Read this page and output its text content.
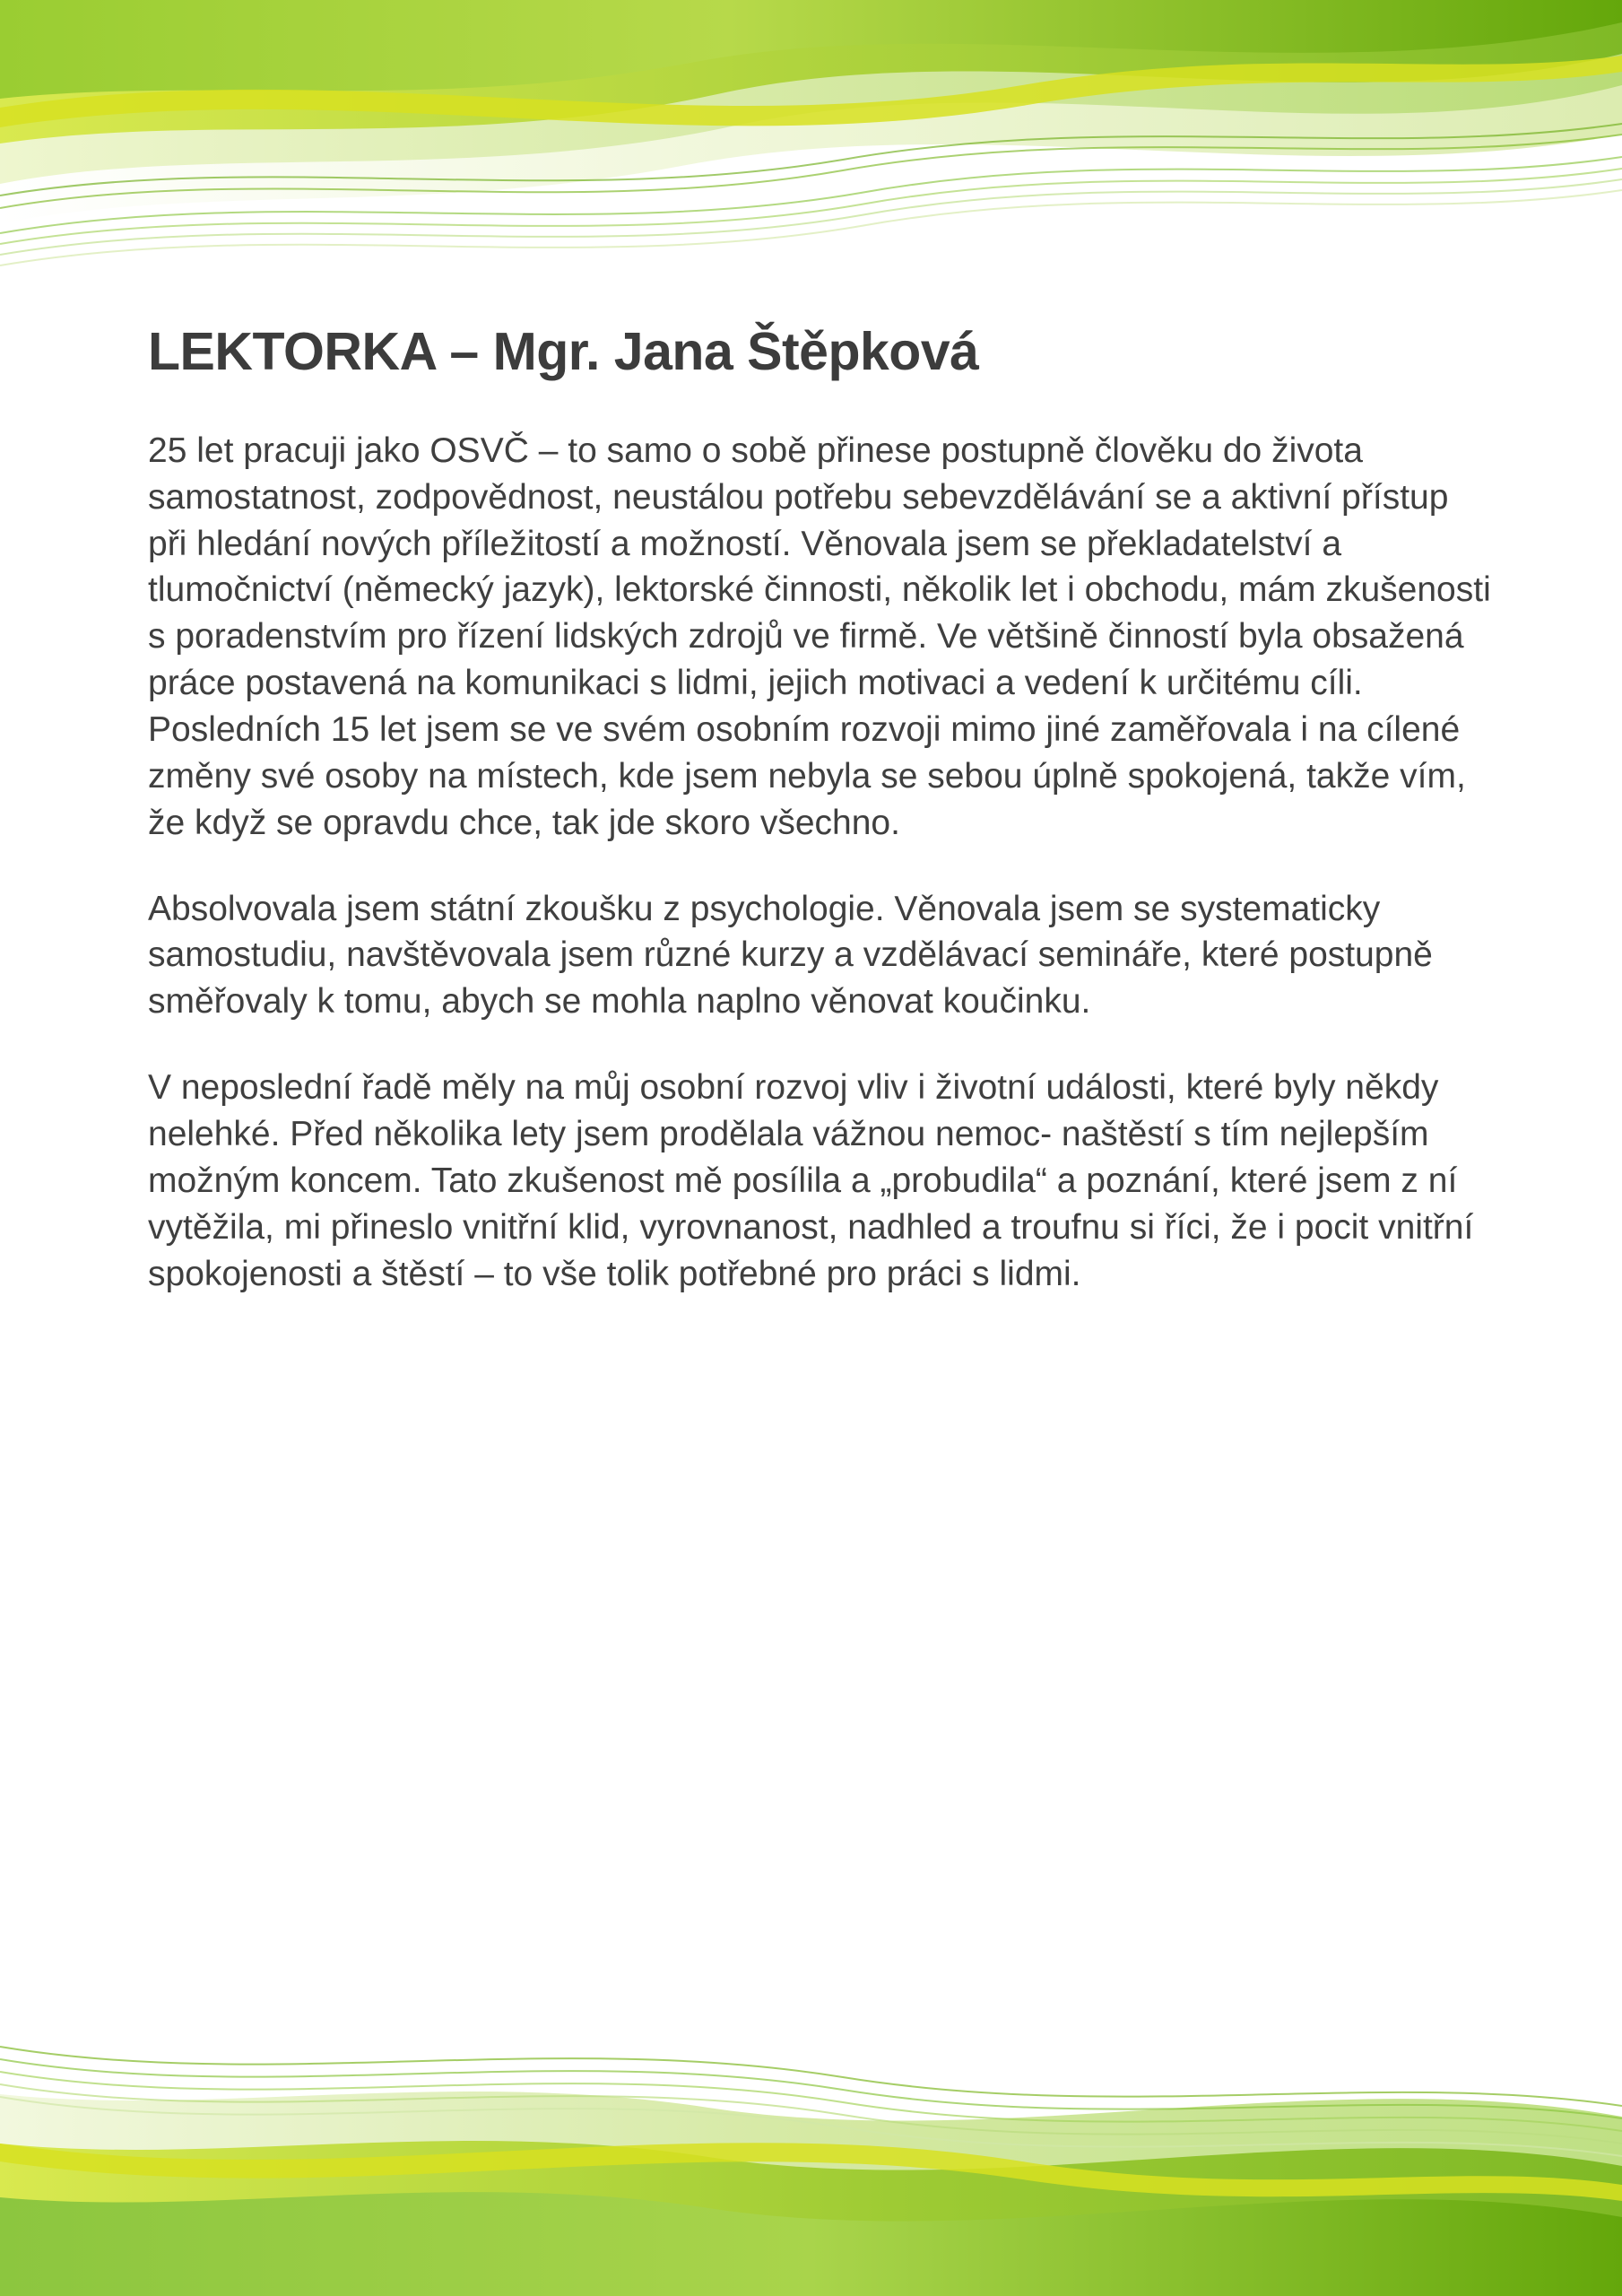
LEKTORKA – Mgr. Jana Štěpková

25 let pracuji jako OSVČ – to samo o sobě přinese postupně člověku do života samostatnost, zodpovědnost, neustálou potřebu sebevzdělávání se a aktivní přístup při hledání nových příležitostí a možností. Věnovala jsem se překladatelství a tlumočnictví (německý jazyk), lektorské činnosti, několik let i obchodu, mám zkušenosti s poradenstvím pro řízení lidských zdrojů ve firmě. Ve většině činností byla obsažená práce postavená na komunikaci s lidmi, jejich motivaci a vedení k určitému cíli. Posledních 15 let jsem se ve svém osobním rozvoji mimo jiné zaměřovala i na cílené změny své osoby na místech, kde jsem nebyla se sebou úplně spokojená, takže vím, že když se opravdu chce, tak jde skoro všechno.

Absolvovala jsem státní zkoušku z psychologie. Věnovala jsem se systematicky samostudiu, navštěvovala jsem různé kurzy a vzdělávací semináře, které postupně směřovaly k tomu, abych se mohla naplno věnovat koučinku.

V neposlední řadě měly na můj osobní rozvoj vliv i životní události, které byly někdy nelehké. Před několika lety jsem prodělala vážnou nemoc- naštěstí s tím nejlepším možným koncem. Tato zkušenost mě posílila a „probudila“ a poznání, které jsem z ní vytěžila, mi přineslo vnitřní klid, vyrovnanost, nadhled a troufnu si říci, že i pocit vnitřní spokojenosti a štěstí – to vše tolik potřebné pro práci s lidmi.
